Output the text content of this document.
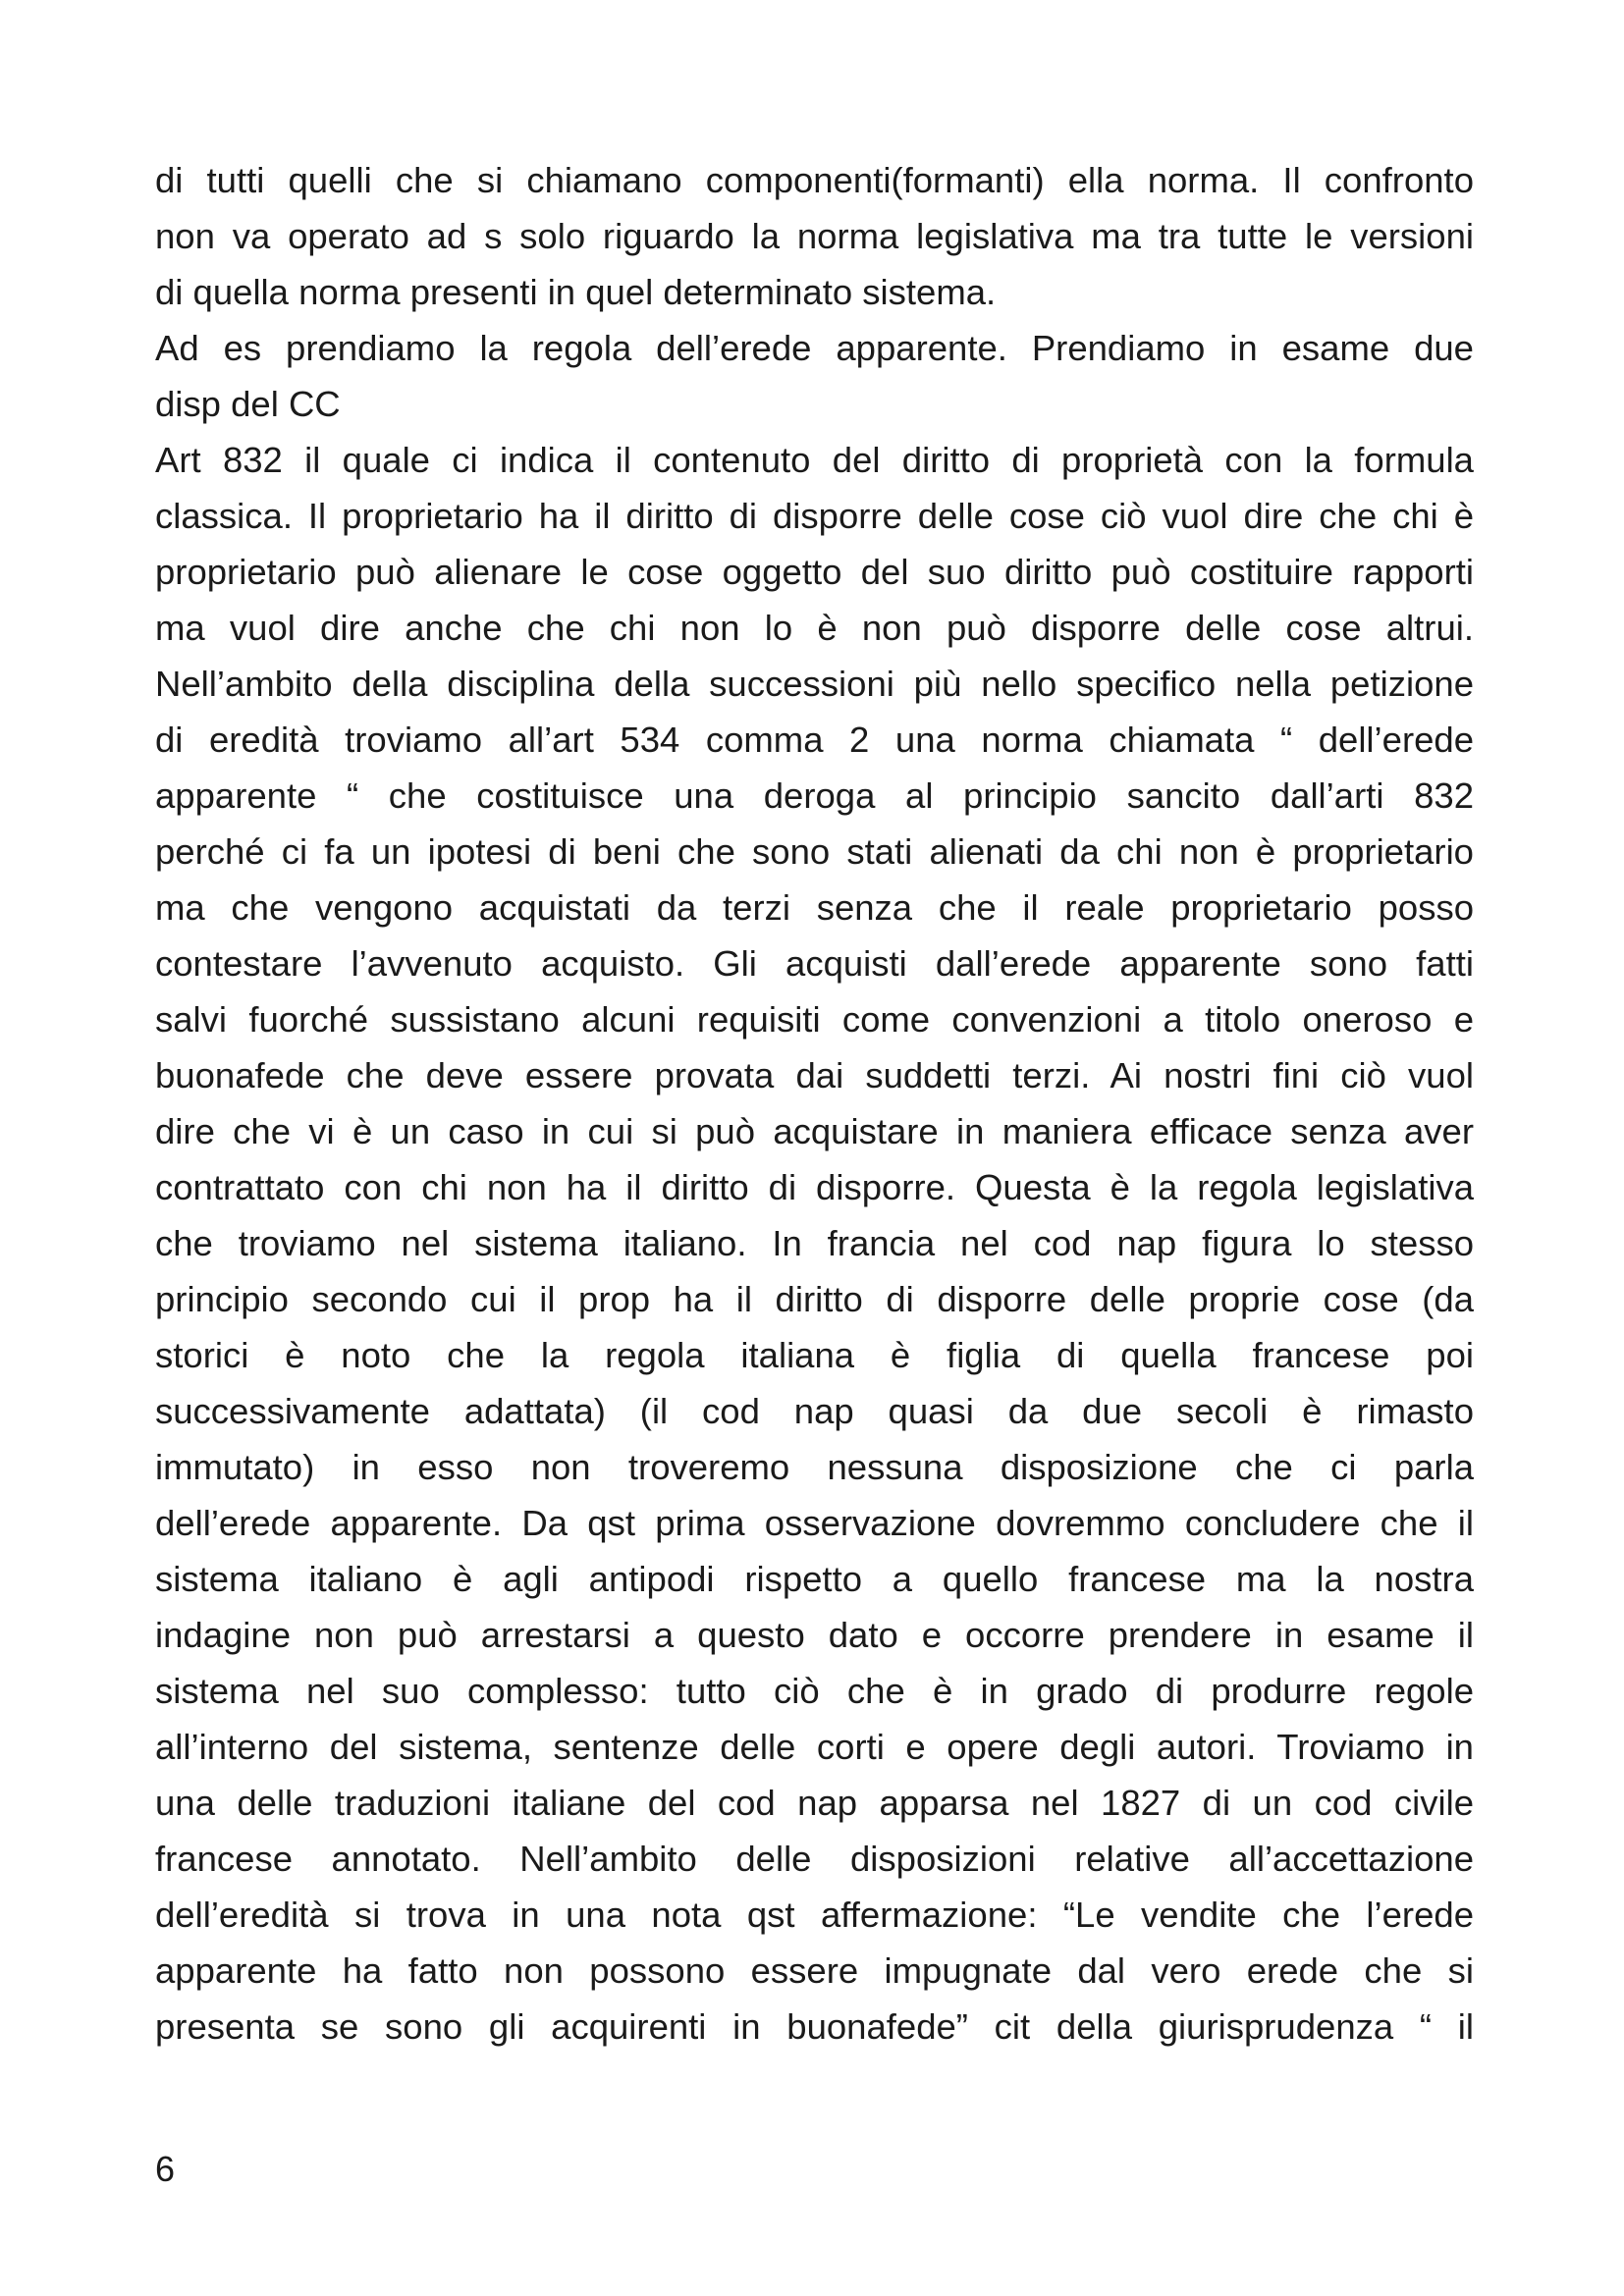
di tutti quelli che si chiamano componenti(formanti) ella norma. Il confronto
non va operato ad s solo riguardo la norma legislativa ma tra tutte le versioni
di quella norma presenti in quel determinato sistema.
Ad es prendiamo la regola dell’erede apparente. Prendiamo in esame due
disp del CC
Art 832 il quale ci indica il contenuto del diritto di proprietà con la formula
classica. Il proprietario ha il diritto di disporre delle cose ciò vuol dire che chi è
proprietario può alienare le cose oggetto del suo diritto può costituire rapporti
ma vuol dire anche che chi non lo è non può disporre delle cose altrui.
Nell’ambito della disciplina della successioni più nello specifico nella petizione
di eredità troviamo all’art 534 comma 2 una norma chiamata “ dell’erede
apparente “ che costituisce una deroga al principio sancito dall’arti 832
perché ci fa un ipotesi di beni che sono stati alienati da chi non è proprietario
ma che vengono acquistati da terzi senza che il reale proprietario posso
contestare l’avvenuto acquisto. Gli acquisti dall’erede apparente sono fatti
salvi fuorché sussistano alcuni requisiti come convenzioni a titolo oneroso e
buonafede che deve essere provata dai suddetti terzi. Ai nostri fini ciò vuol
dire che vi è un caso in cui si può acquistare in maniera efficace senza aver
contrattato con chi non ha il diritto di disporre. Questa è la regola legislativa
che troviamo nel sistema italiano. In francia nel cod nap figura lo stesso
principio secondo cui il prop ha il diritto di disporre delle proprie cose (da
storici è noto che la regola italiana è figlia di quella francese poi
successivamente adattata) (il cod nap quasi da due secoli è rimasto
immutato) in esso non troveremo nessuna disposizione che ci parla
dell’erede apparente. Da qst prima osservazione dovremmo concludere che il
sistema italiano è agli antipodi rispetto a quello francese ma la nostra
indagine non può arrestarsi a questo dato e occorre prendere in esame il
sistema nel suo complesso: tutto ciò che è in grado di produrre regole
all’interno del sistema, sentenze delle corti e opere degli autori. Troviamo in
una delle traduzioni italiane del cod nap apparsa nel 1827 di un cod civile
francese annotato. Nell’ambito delle disposizioni relative all’accettazione
dell’eredità si trova in una nota qst affermazione: “Le vendite che l’erede
apparente ha fatto non possono essere impugnate dal vero erede che si
presenta se sono gli acquirenti in buonafede” cit della giurisprudenza “ il
6
